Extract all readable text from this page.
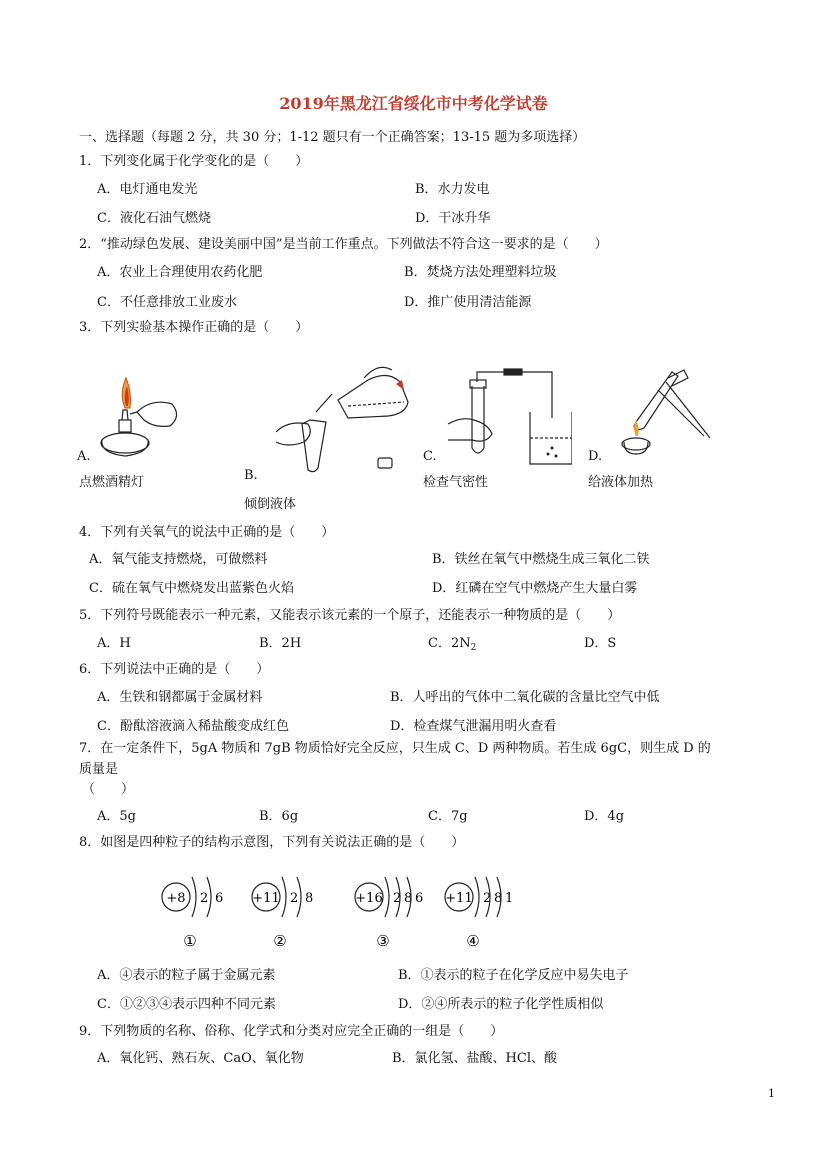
2019年黑龙江省绥化市中考化学试卷
一、选择题（每题 2 分，共 30 分；1-12 题只有一个正确答案；13-15 题为多项选择）
1．下列变化属于化学变化的是（　　）
A．电灯通电发光	B．水力发电
C．液化石油气燃烧	D．干冰升华
2．“推动绿色发展、建设美丽中国”是当前工作重点。下列做法不符合这一要求的是（　　）
A．农业上合理使用农药化肥	B．焚烧方法处理塑料垃圾
C．不任意排放工业废水	D．推广使用清洁能源
3．下列实验基本操作正确的是（　　）
A.
点燃酒精灯	B.
倾倒液体
C.
检查气密性
D.
给液体加热
4．下列有关氧气的说法中正确的是（　　）
A．氧气能支持燃烧，可做燃料	B．铁丝在氧气中燃烧生成三氧化二铁
C．硫在氧气中燃烧发出蓝紫色火焰	D．红磷在空气中燃烧产生大量白雾
5．下列符号既能表示一种元素，又能表示该元素的一个原子，还能表示一种物质的是（　　）
A．H	B．2H	C．$2N_2$	D．S
6．下列说法中正确的是（　　）
A．生铁和钢都属于金属材料	B．人呼出的气体中二氧化碳的含量比空气中低
C．酚酞溶液滴入稀盐酸变成红色	D．检查煤气泄漏用明火查看
7．在一定条件下，5gA 物质和 7gB 物质恰好完全反应，只生成 C、D 两种物质。若生成 6gC，则生成 D 的
质量是
（　　）
A．5g	B．6g	C．7g	D．4g
8．如图是四种粒子的结构示意图，下列有关说法正确的是（　　）
+8 2 6
①
+11 2 8
②
+16 2 8 6
③
+11 2 8 1
④
A．④表示的粒子属于金属元素	B．①表示的粒子在化学反应中易失电子
C．①②③④表示四种不同元素	D．②④所表示的粒子化学性质相似
9．下列物质的名称、俗称、化学式和分类对应完全正确的一组是（　　）
A．氧化钙、熟石灰、CaO、氧化物	B．氯化氢、盐酸、HCl、酸
1
